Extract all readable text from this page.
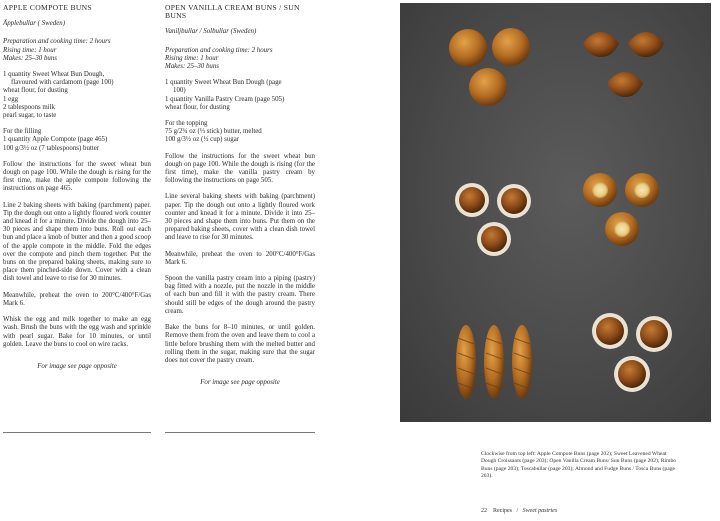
APPLE COMPOTE BUNS

Äpplebullar ( Sweden)

Preparation and cooking time: 2 hours

Rising time: 1 hour

Makes: 25–30 buns

1 quantity Sweet Wheat Bun Dough,

flavoured with cardamom (page 100)

wheat flour, for dusting

1 egg

2 tablespoons milk

pearl sugar, to taste

For the filling

1 quantity Apple Compote (page 465)

100 g/3½ oz (7 tablespoons) butter

Follow the instructions for the sweet wheat bun dough on page 100. While the dough is rising for the first time, make the apple compote following the instructions on page 465.

Line 2 baking sheets with baking (parchment) paper. Tip the dough out onto a lightly floured work counter and knead it for a minute. Divide the dough into 25–30 pieces and shape them into buns. Roll out each bun and place a knob of butter and then a good scoop of the apple compote in the middle. Fold the edges over the compote and pinch them together. Put the buns on the prepared baking sheets, making sure to place them pinched-side down. Cover with a clean dish towel and leave to rise for 30 minutes.

Meanwhile, preheat the oven to 200°C/400°F/Gas Mark 6.

Whisk the egg and milk together to make an egg wash. Brush the buns with the egg wash and sprinkle with pearl sugar. Bake for 10 minutes, or until golden. Leave the buns to cool on wire racks.

For image see page opposite

OPEN VANILLA CREAM BUNS / SUN BUNS

Vaniljbullar / Solbullar (Sweden)

Preparation and cooking time: 2 hours

Rising time: 1 hour

Makes: 25–30 buns

1 quantity Sweet Wheat Bun Dough (page

100)

1 quantity Vanilla Pastry Cream (page 505)

wheat flour, for dusting

For the topping

75 g/2¾ oz (⅓ stick) butter, melted

100 g/3½ oz (½ cup) sugar

Follow the instructions for the sweet wheat bun dough on page 100. While the dough is rising (for the first time), make the vanilla pastry cream by following the instructions on page 505.

Line several baking sheets with baking (parchment) paper. Tip the dough out onto a lightly floured work counter and knead it for a minute. Divide it into 25–30 pieces and shape them into buns. Put them on the prepared baking sheets, cover with a clean dish towel and leave to rise for 30 minutes.

Meanwhile, preheat the oven to 200°C/400°F/Gas Mark 6.

Spoon the vanilla pastry cream into a piping (pastry) bag fitted with a nozzle, put the nozzle in the middle of each bun and fill it with the pastry cream. There should still be edges of the dough around the pastry cream.

Bake the buns for 8–10 minutes, or until golden. Remove them from the oven and leave them to cool a little before brushing them with the melted butter and rolling them in the sugar, making sure that the sugar does not cover the pastry cream.

For image see page opposite

Clockwise from top left: Apple Compote Buns (page 202); Sweet Leavened Wheat Dough Croissants (page 203); Open Vanilla Cream Buns/ Sun Buns (page 202); Rimbo Buns (page 203); Toscabullar (page 203); Almond and Fudge Buns / Tosca Buns (page 203).

22 Recipes / Sweet pastries
